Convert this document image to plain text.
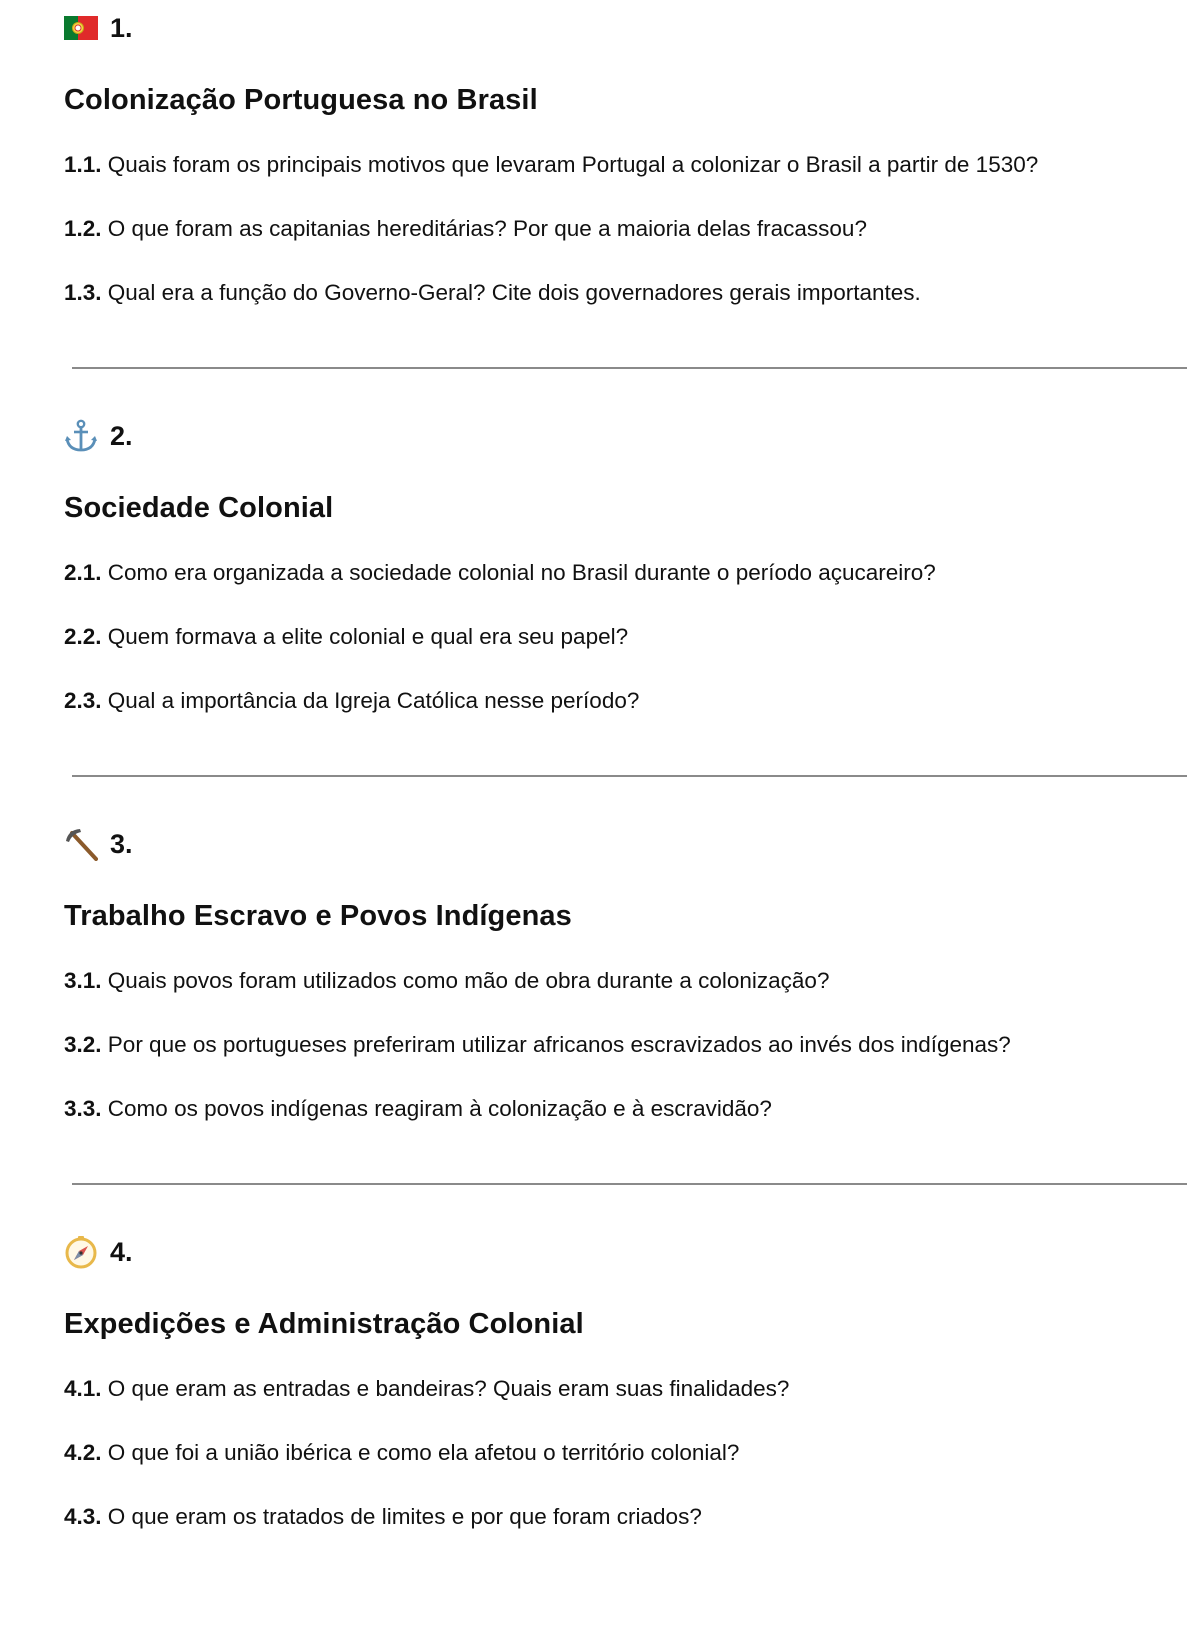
1.
Colonização Portuguesa no Brasil
1.1. Quais foram os principais motivos que levaram Portugal a colonizar o Brasil a partir de 1530?
1.2. O que foram as capitanias hereditárias? Por que a maioria delas fracassou?
1.3. Qual era a função do Governo-Geral? Cite dois governadores gerais importantes.
2.
Sociedade Colonial
2.1. Como era organizada a sociedade colonial no Brasil durante o período açucareiro?
2.2. Quem formava a elite colonial e qual era seu papel?
2.3. Qual a importância da Igreja Católica nesse período?
3.
Trabalho Escravo e Povos Indígenas
3.1. Quais povos foram utilizados como mão de obra durante a colonização?
3.2. Por que os portugueses preferiram utilizar africanos escravizados ao invés dos indígenas?
3.3. Como os povos indígenas reagiram à colonização e à escravidão?
4.
Expedições e Administração Colonial
4.1. O que eram as entradas e bandeiras? Quais eram suas finalidades?
4.2. O que foi a união ibérica e como ela afetou o território colonial?
4.3. O que eram os tratados de limites e por que foram criados?
